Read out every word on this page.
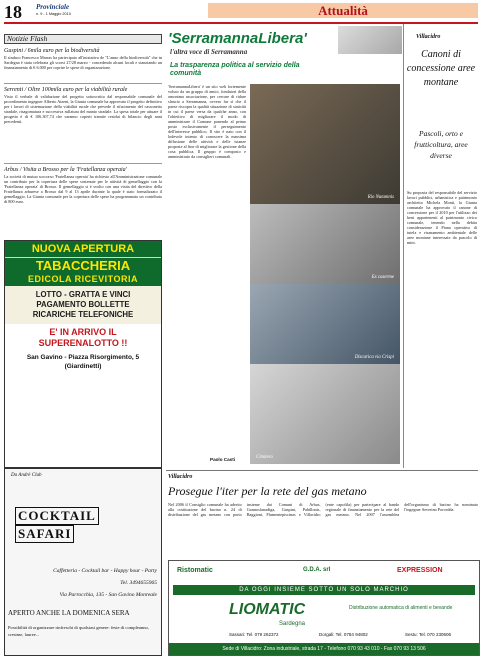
18 Provinciale
n. 9 - 1 Maggio 2010	Attualità
Notizie Flash
Guspini / 6mila euro per la biodiversità
Il sindaco Francesco Marras ha partecipato all'iniziativa de "L'anno della biodiversità" che in Sardegna è stata celebrata gli scorsi 27/28 marzo - concedendo alcuni locali e stanziando un finanziamento di € 6.000 per coprire le spese di organizzazione.
Serrenti / Oltre 100mila euro per la viabilità rurale
Visto il verbale di validazione del progetto sottoscritto dal responsabile comunale del procedimento ingegner Alberto Atzeni, la Giunta comunale ha approvato il progetto definitivo per i lavori di sistemazione della viabilità rurale che prevede il rifacimento del cassonetto stradale, risagomatura e successiva rullatura del manto stradale. La spesa totale per attuare il progetto è di € 106.307,74 che saranno coperti tramite residui di bilancio degli anni precedenti.
Arbus / Visita a Brosso per la 'Fratellanza operaia'
La società di mutuo soccorso 'Fratellanza operaia' ha richiesto all'Amministrazione comunale un contributo per la copertura delle spese sostenute per le attività di gemellaggio con la 'Fratellanza operaia' di Brosso. Il gemellaggio si è svolto con una visita del direttivo della Fratellanza arburese a Brosso dal 9 al 13 aprile durante la quale è stato formalizzato il gemellaggio. La Giunta comunale per la copertura delle spese ha programmato un contributo di 800 euro.
NUOVA APERTURA
TABACCHERIA
EDICOLA RICEVITORIA
LOTTO - GRATTA E VINCI
PAGAMENTO BOLLETTE
RICARICHE TELEFONICHE
E' IN ARRIVO IL
SUPERENALOTTO !!
San Gavino - Piazza Risorgimento, 5
(Giardinetti)
Da Andrè Club
COCKTAIL SAFARI
Caffetteria - Cocktail bar - Happy hour - Party
Tel. 3494655965
Via Parrocchia, 135 - San Gavino Monreale
APERTO ANCHE LA DOMENICA SERA
Possibilità di organizzare rinfreschi di qualsiasi genere: feste di compleanno, cresime, lauree...
'SerramannaLibera'
l'altra voce di Serramanna
La trasparenza politica al servizio della comunità
Rio Nutamnis
Ex caserme
Discarica via Crispi
Cimitero
'SerramannaLibera' è un sito web fortemente voluto da un gruppo di amici, fondatori della omonima associazione, per cercare di ridare slancio a Serramanna, ovvero far sì che il paese riscopra la qualità situazione di staticità in cui il paese versa da qualche anno, con l'obiettivo di migliorare il modo di amministrare il Comune ponendo al primo posto esclusivamente il perseguimento dell'interesse pubblico. Il sito è nato con il lodevole intento di conoscere la massima diffusione delle attività e delle istanze proposte al fine di migliorare la gestione della cosa pubblica. Il gruppo è composto e amministrato da consiglieri comunali.
Paolo Casti
Villacidro
Canoni di concessione aree montane
Pascoli, orto e frutticoltura, aree diverse
Su proposta del responsabile del servizio lavori pubblici, urbanistica e patrimonio architetto Michela Monti, la Giunta comunale ha approvato il canone di concessione per il 2010 per l'utilizzo dei beni appartenenti al patrimonio civico comunale, tenendo nella debita considerazione il Piano operativo di tutela e risanamento ambientale delle aree montane interessate da pascolo di mini.
Villacidro
Prosegue l'iter per la rete del gas metano
Nel 2006 il Consiglio comunale ha aderito alla costituzione del bacino n. 24 di distribuzione del gas metano con porto insieme dai Comuni di Arbus, Gonnosfanadiga, Guspini, Pabillonis, Baggioni, Flumentepiscinas e Villacidro (ente capofila) per partecipare al bando regionale di finanziamento per la rete del gas metano. Nel 2007 l'assemblea dell'organismo di bacino ha nominato l'ingegner Severino Porcedda.
Ristomatic	G.D.A. srl	EXPRESSION
DA OGGI INSIEME SOTTO UN SOLO MARCHIO
LIOMATIC
Sardegna
Distribuzione automatica di alimenti e bevande
Sassari: Tel. 079 262372	Dorgali: Tel. 0784 94802	Sestu: Tel. 070 230606
Sede di Villacidro: Zona industriale, strada 17 - Telefono 070 93 43 010 - Fax 070 93 13 506
